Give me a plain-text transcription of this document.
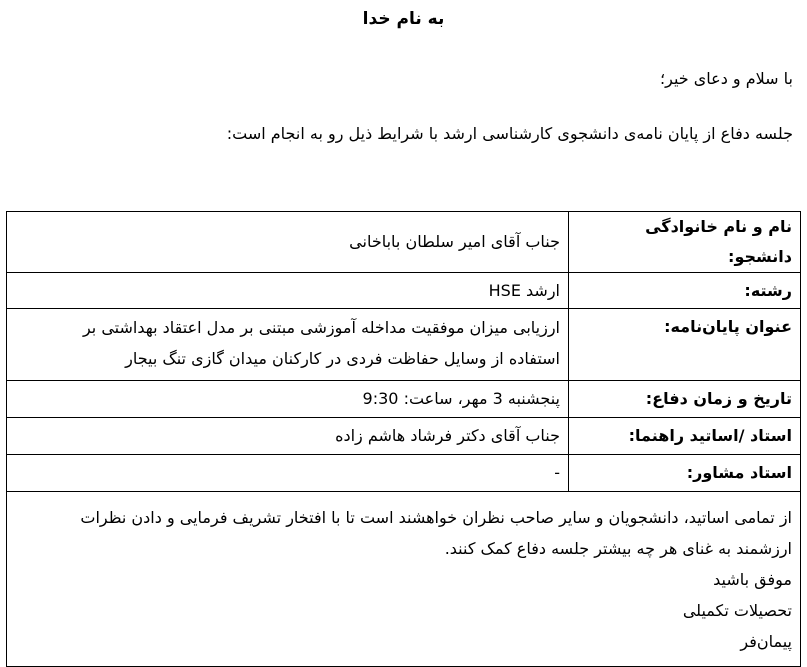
به نام خدا
با سلام و دعای خیر؛
جلسه دفاع از پایان نامه‌ی دانشجوی کارشناسی ارشد با شرایط ذیل رو به انجام است:
نام و نام خانوادگی دانشجو:	جناب آقای امیر سلطان باباخانی
رشته:	ارشد HSE
عنوان پایان‌نامه:	ارزیابی میزان موفقیت مداخله آموزشی مبتنی بر مدل اعتقاد بهداشتی بر
استفاده از وسایل حفاظت فردی در کارکنان میدان گازی تنگ بیجار

تاریخ و زمان دفاع:	پنجشنبه 3 مهر، ساعت: 9:30
استاد /اساتید راهنما:	جناب آقای دکتر فرشاد هاشم زاده
استاد مشاور:	-

از تمامی اساتید، دانشجویان و سایر صاحب نظران خواهشند است تا با افتخار تشریف فرمایی و دادن نظرات
ارزشمند به غنای هر چه بیشتر جلسه دفاع کمک کنند.
موفق باشید
تحصیلات تکمیلی
پیمان‌فر	
